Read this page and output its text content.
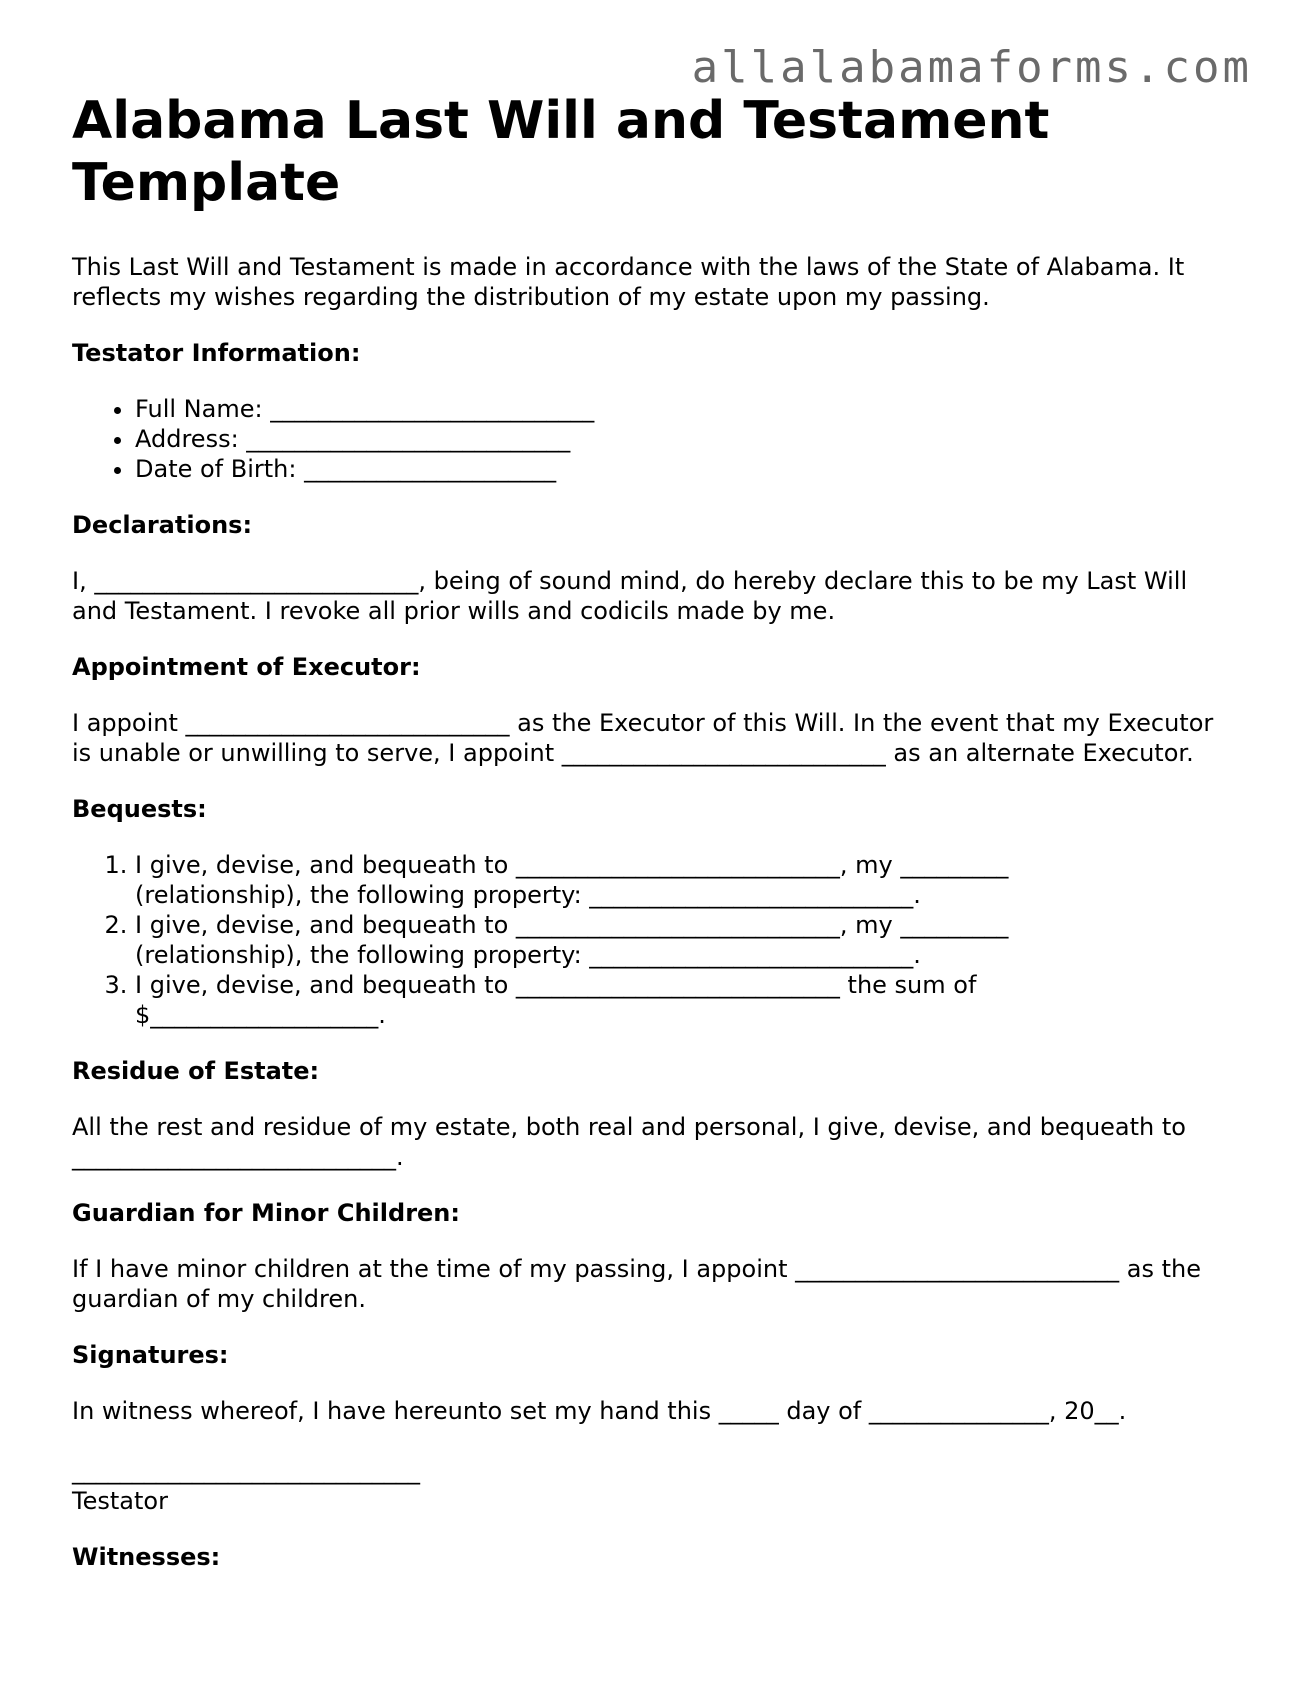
allalabamaforms.com
Alabama Last Will and Testament Template

This Last Will and Testament is made in accordance with the laws of the State of Alabama. It reflects my wishes regarding the distribution of my estate upon my passing.

Testator Information:
• Full Name: ___________________________
• Address: ___________________________
• Date of Birth: _____________________
Declarations:

I, ___________________________, being of sound mind, do hereby declare this to be my Last Will and Testament. I revoke all prior wills and codicils made by me.

Appointment of Executor:

I appoint ___________________________ as the Executor of this Will. In the event that my Executor is unable or unwilling to serve, I appoint ___________________________ as an alternate Executor.

Bequests:
1. I give, devise, and bequeath to ___________________________, my _________ (relationship), the following property: ___________________________.
2. I give, devise, and bequeath to ___________________________, my _________ (relationship), the following property: ___________________________.
3. I give, devise, and bequeath to ___________________________ the sum of $___________________.
Residue of Estate:

All the rest and residue of my estate, both real and personal, I give, devise, and bequeath to ___________________________.

Guardian for Minor Children:

If I have minor children at the time of my passing, I appoint ___________________________ as the guardian of my children.

Signatures:

In witness whereof, I have hereunto set my hand this _____ day of _______________, 20__.

_____________________________

Testator

Witnesses:
